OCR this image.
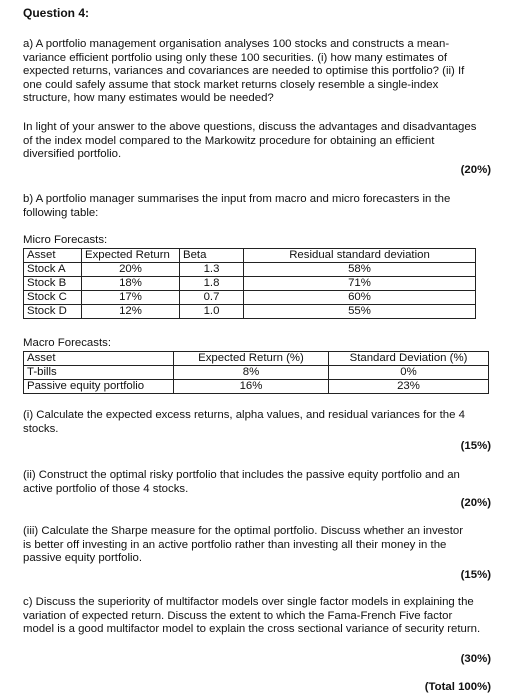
Question 4:

a) A portfolio management organisation analyses 100 stocks and constructs a mean-variance efficient portfolio using only these 100 securities. (i) how many estimates of expected returns, variances and covariances are needed to optimise this portfolio? (ii) If one could safely assume that stock market returns closely resemble a single-index structure, how many estimates would be needed?

In light of your answer to the above questions, discuss the advantages and disadvantages of the index model compared to the Markowitz procedure for obtaining an efficient diversified portfolio.

(20%)

b) A portfolio manager summarises the input from macro and micro forecasters in the following table:

Micro Forecasts:
Asset	Expected Return	Beta	Residual standard deviation
Stock A	20%	1.3	58%
Stock B	18%	1.8	71%
Stock C	17%	0.7	60%
Stock D	12%	1.0	55%
Macro Forecasts:
Asset	Expected Return (%)	Standard Deviation (%)
T-bills	8%	0%
Passive equity portfolio	16%	23%

(i) Calculate the expected excess returns, alpha values, and residual variances for the 4 stocks.

(15%)

(ii) Construct the optimal risky portfolio that includes the passive equity portfolio and an active portfolio of those 4 stocks.

(20%)

(iii) Calculate the Sharpe measure for the optimal portfolio. Discuss whether an investor is better off investing in an active portfolio rather than investing all their money in the passive equity portfolio.

(15%)

c) Discuss the superiority of multifactor models over single factor models in explaining the variation of expected return. Discuss the extent to which the Fama-French Five factor model is a good multifactor model to explain the cross sectional variance of security return.

(30%)
(Total 100%)
